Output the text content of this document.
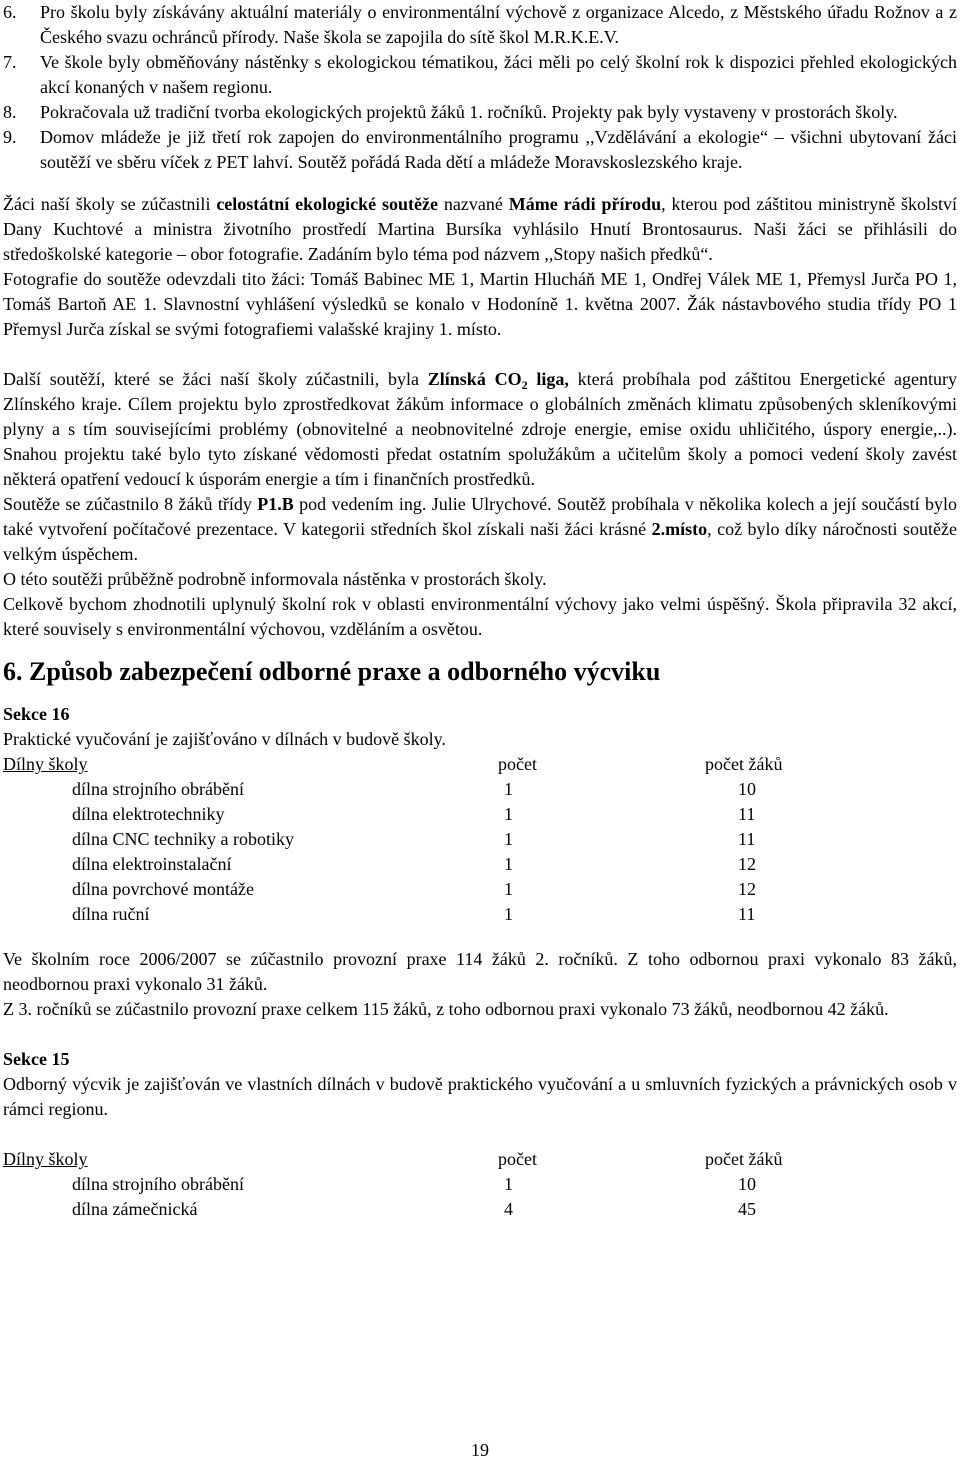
6. Pro školu byly získávány aktuální materiály o environmentální výchově z organizace Alcedo, z Městského úřadu Rožnov a z Českého svazu ochránců přírody. Naše škola se zapojila do sítě škol M.R.K.E.V.
7. Ve škole byly obměňovány nástěnky s ekologickou tématikou, žáci měli po celý školní rok k dispozici přehled ekologických akcí konaných v našem regionu.
8. Pokračovala už tradiční tvorba ekologických projektů žáků 1. ročníků. Projekty pak byly vystaveny v prostorách školy.
9. Domov mládeže je již třetí rok zapojen do environmentálního programu ,,Vzdělávání a ekologie“ – všichni ubytovaní žáci soutěží ve sběru víček z PET lahví. Soutěž pořádá Rada dětí a mládeže Moravskoslezského kraje.

Žáci naší školy se zúčastnili celostátní ekologické soutěže nazvané Máme rádi přírodu, kterou pod záštitou ministryně školství Dany Kuchtové a ministra životního prostředí Martina Bursíka vyhlásilo Hnutí Brontosaurus. Naši žáci se přihlásili do středoškolské kategorie – obor fotografie. Zadáním bylo téma pod názvem ,,Stopy našich předků“.

Fotografie do soutěže odevzdali tito žáci: Tomáš Babinec ME 1, Martin Hlucháň ME 1, Ondřej Válek ME 1, Přemysl Jurča PO 1, Tomáš Bartoň AE 1. Slavnostní vyhlášení výsledků se konalo v Hodoníně 1. května 2007. Žák nástavbového studia třídy PO 1 Přemysl Jurča získal se svými fotografiemi valašské krajiny 1. místo.

Další soutěží, které se žáci naší školy zúčastnili, byla Zlínská $CO_2$ liga, která probíhala pod záštitou Energetické agentury Zlínského kraje. Cílem projektu bylo zprostředkovat žákům informace o globálních změnách klimatu způsobených skleníkovými plyny a s tím souvisejícími problémy (obnovitelné a neobnovitelné zdroje energie, emise oxidu uhličitého, úspory energie,..). Snahou projektu také bylo tyto získané vědomosti předat ostatním spolužákům a učitelům školy a pomoci vedení školy zavést některá opatření vedoucí k úsporám energie a tím i finančních prostředků.

Soutěže se zúčastnilo 8 žáků třídy P1.B pod vedením ing. Julie Ulrychové. Soutěž probíhala v několika kolech a její součástí bylo také vytvoření počítačové prezentace. V kategorii středních škol získali naši žáci krásné 2.místo, což bylo díky náročnosti soutěže velkým úspěchem.

O této soutěži průběžně podrobně informovala nástěnka v prostorách školy.

Celkově bychom zhodnotili uplynulý školní rok v oblasti environmentální výchovy jako velmi úspěšný. Škola připravila 32 akcí, které souvisely s environmentální výchovou, vzděláním a osvětou.

6. Způsob zabezpečení odborné praxe a odborného výcviku
Sekce 16

Praktické vyučování je zajišťováno v dílnách v budově školy.

Dílny školy	počet	počet žáků
dílna strojního obrábění	1	10
dílna elektrotechniky	1	11
dílna CNC techniky a robotiky	1	11
dílna elektroinstalační	1	12
dílna povrchové montáže	1	12
dílna ruční	1	11

Ve školním roce 2006/2007 se zúčastnilo provozní praxe 114 žáků 2. ročníků. Z toho odbornou praxi vykonalo 83 žáků, neodbornou praxi vykonalo 31 žáků.

Z 3. ročníků se zúčastnilo provozní praxe celkem 115 žáků, z toho odbornou praxi vykonalo 73 žáků, neodbornou 42 žáků.

Sekce 15

Odborný výcvik je zajišťován ve vlastních dílnách v budově praktického vyučování a u smluvních fyzických a právnických osob v rámci regionu.

Dílny školy	počet	počet žáků
dílna strojního obrábění	1	10
dílna zámečnická	4	45
19
